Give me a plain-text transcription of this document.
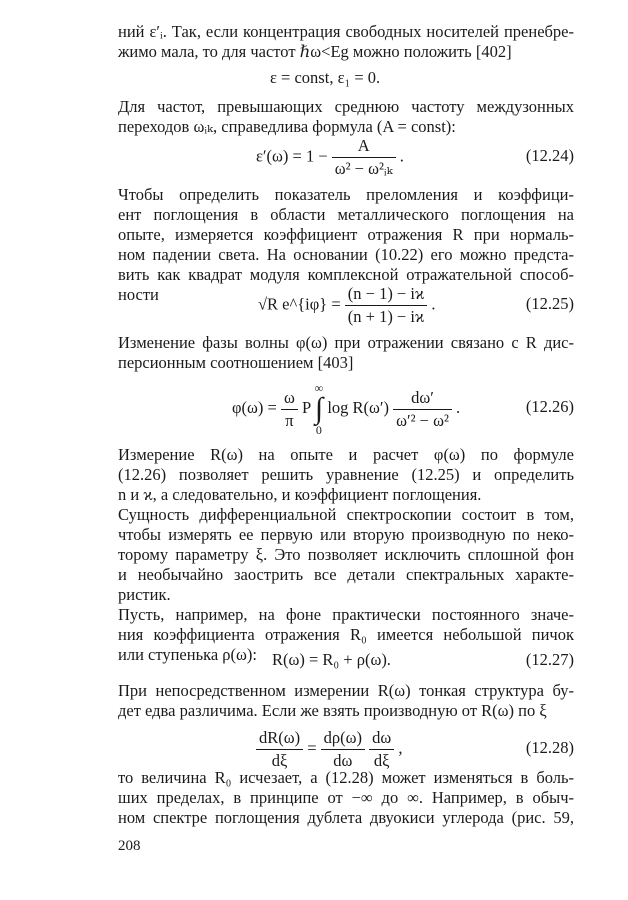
ний ε′ᵢ. Так, если концентрация свободных носителей пренебре-
жимо мала, то для частот ℏω<Eg можно положить [402]
ε = const, ε₁ = 0.
Для частот, превышающих среднюю частоту междузонных
переходов ωᵢₖ, справедлива формула (A = const):
$\varepsilon'(\omega) = 1 - \frac{A}{\text{ω² − ω²ᵢₖ}}$ .	(12.24)
Чтобы определить показатель преломления и коэффици-
ент поглощения в области металлического поглощения на
опыте, измеряется коэффициент отражения R при нормаль-
ном падении света. На основании (10.22) его можно предста-
вить как квадрат модуля комплексной отражательной способ-
ности	√R e^{iφ} = $\frac{(n - 1) - iϰ}{(n + 1) - iϰ}$ .	(12.25)
Изменение фазы волны φ(ω) при отражении связано с R дис-
персионным соотношением [403]
$\varphi(\omega) = \frac{\omega}{\pi}$ P
∞
∫
0
$\log R(\omega') \frac{d\omega'}{\text{ω′² − ω²}}$ .	(12.26)
Измерение R(ω) на опыте и расчет φ(ω) по формуле
(12.26) позволяет решить уравнение (12.25) и определить
n и ϰ, а следовательно, и коэффициент поглощения.
Сущность дифференциальной спектроскопии состоит в том,
чтобы измерять ее первую или вторую производную по неко-
торому параметру ξ. Это позволяет исключить сплошной фон
и необычайно заострить все детали спектральных характе-
ристик.
Пусть, например, на фоне практически постоянного значе-
ния коэффициента отражения R₀ имеется небольшой пичок
или ступенька ρ(ω): R(ω) = R₀ + ρ(ω).	(12.27)
При непосредственном измерении R(ω) тонкая структура бу-
дет едва различима. Если же взять производную от R(ω) по ξ
$\frac{dR(\omega)}{d\xi} = \frac{d\rho(\omega)}{d\omega}$
$\frac{d\omega}{d\xi}$ ,	(12.28)
то величина R₀ исчезает, а (12.28) может изменяться в боль-
ших пределах, в принципе от −∞ до ∞. Например, в обыч-
ном спектре поглощения дублета двуокиси углерода (рис. 59,
208
